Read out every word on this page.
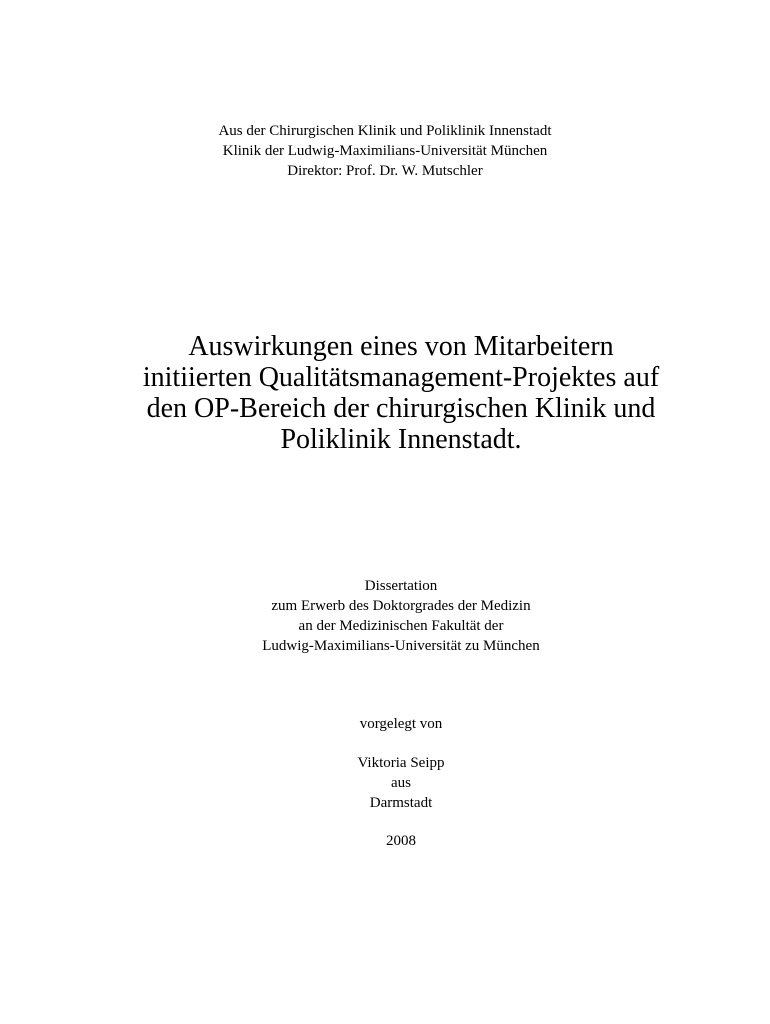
Aus der Chirurgischen Klinik und Poliklinik Innenstadt
Klinik der Ludwig-Maximilians-Universität München
Direktor: Prof. Dr. W. Mutschler
Auswirkungen eines von Mitarbeitern
initiierten Qualitätsmanagement-Projektes auf
den OP-Bereich der chirurgischen Klinik und
Poliklinik Innenstadt.
Dissertation
zum Erwerb des Doktorgrades der Medizin
an der Medizinischen Fakultät der
Ludwig-Maximilians-Universität zu München
vorgelegt von
Viktoria Seipp
aus
Darmstadt
2008
